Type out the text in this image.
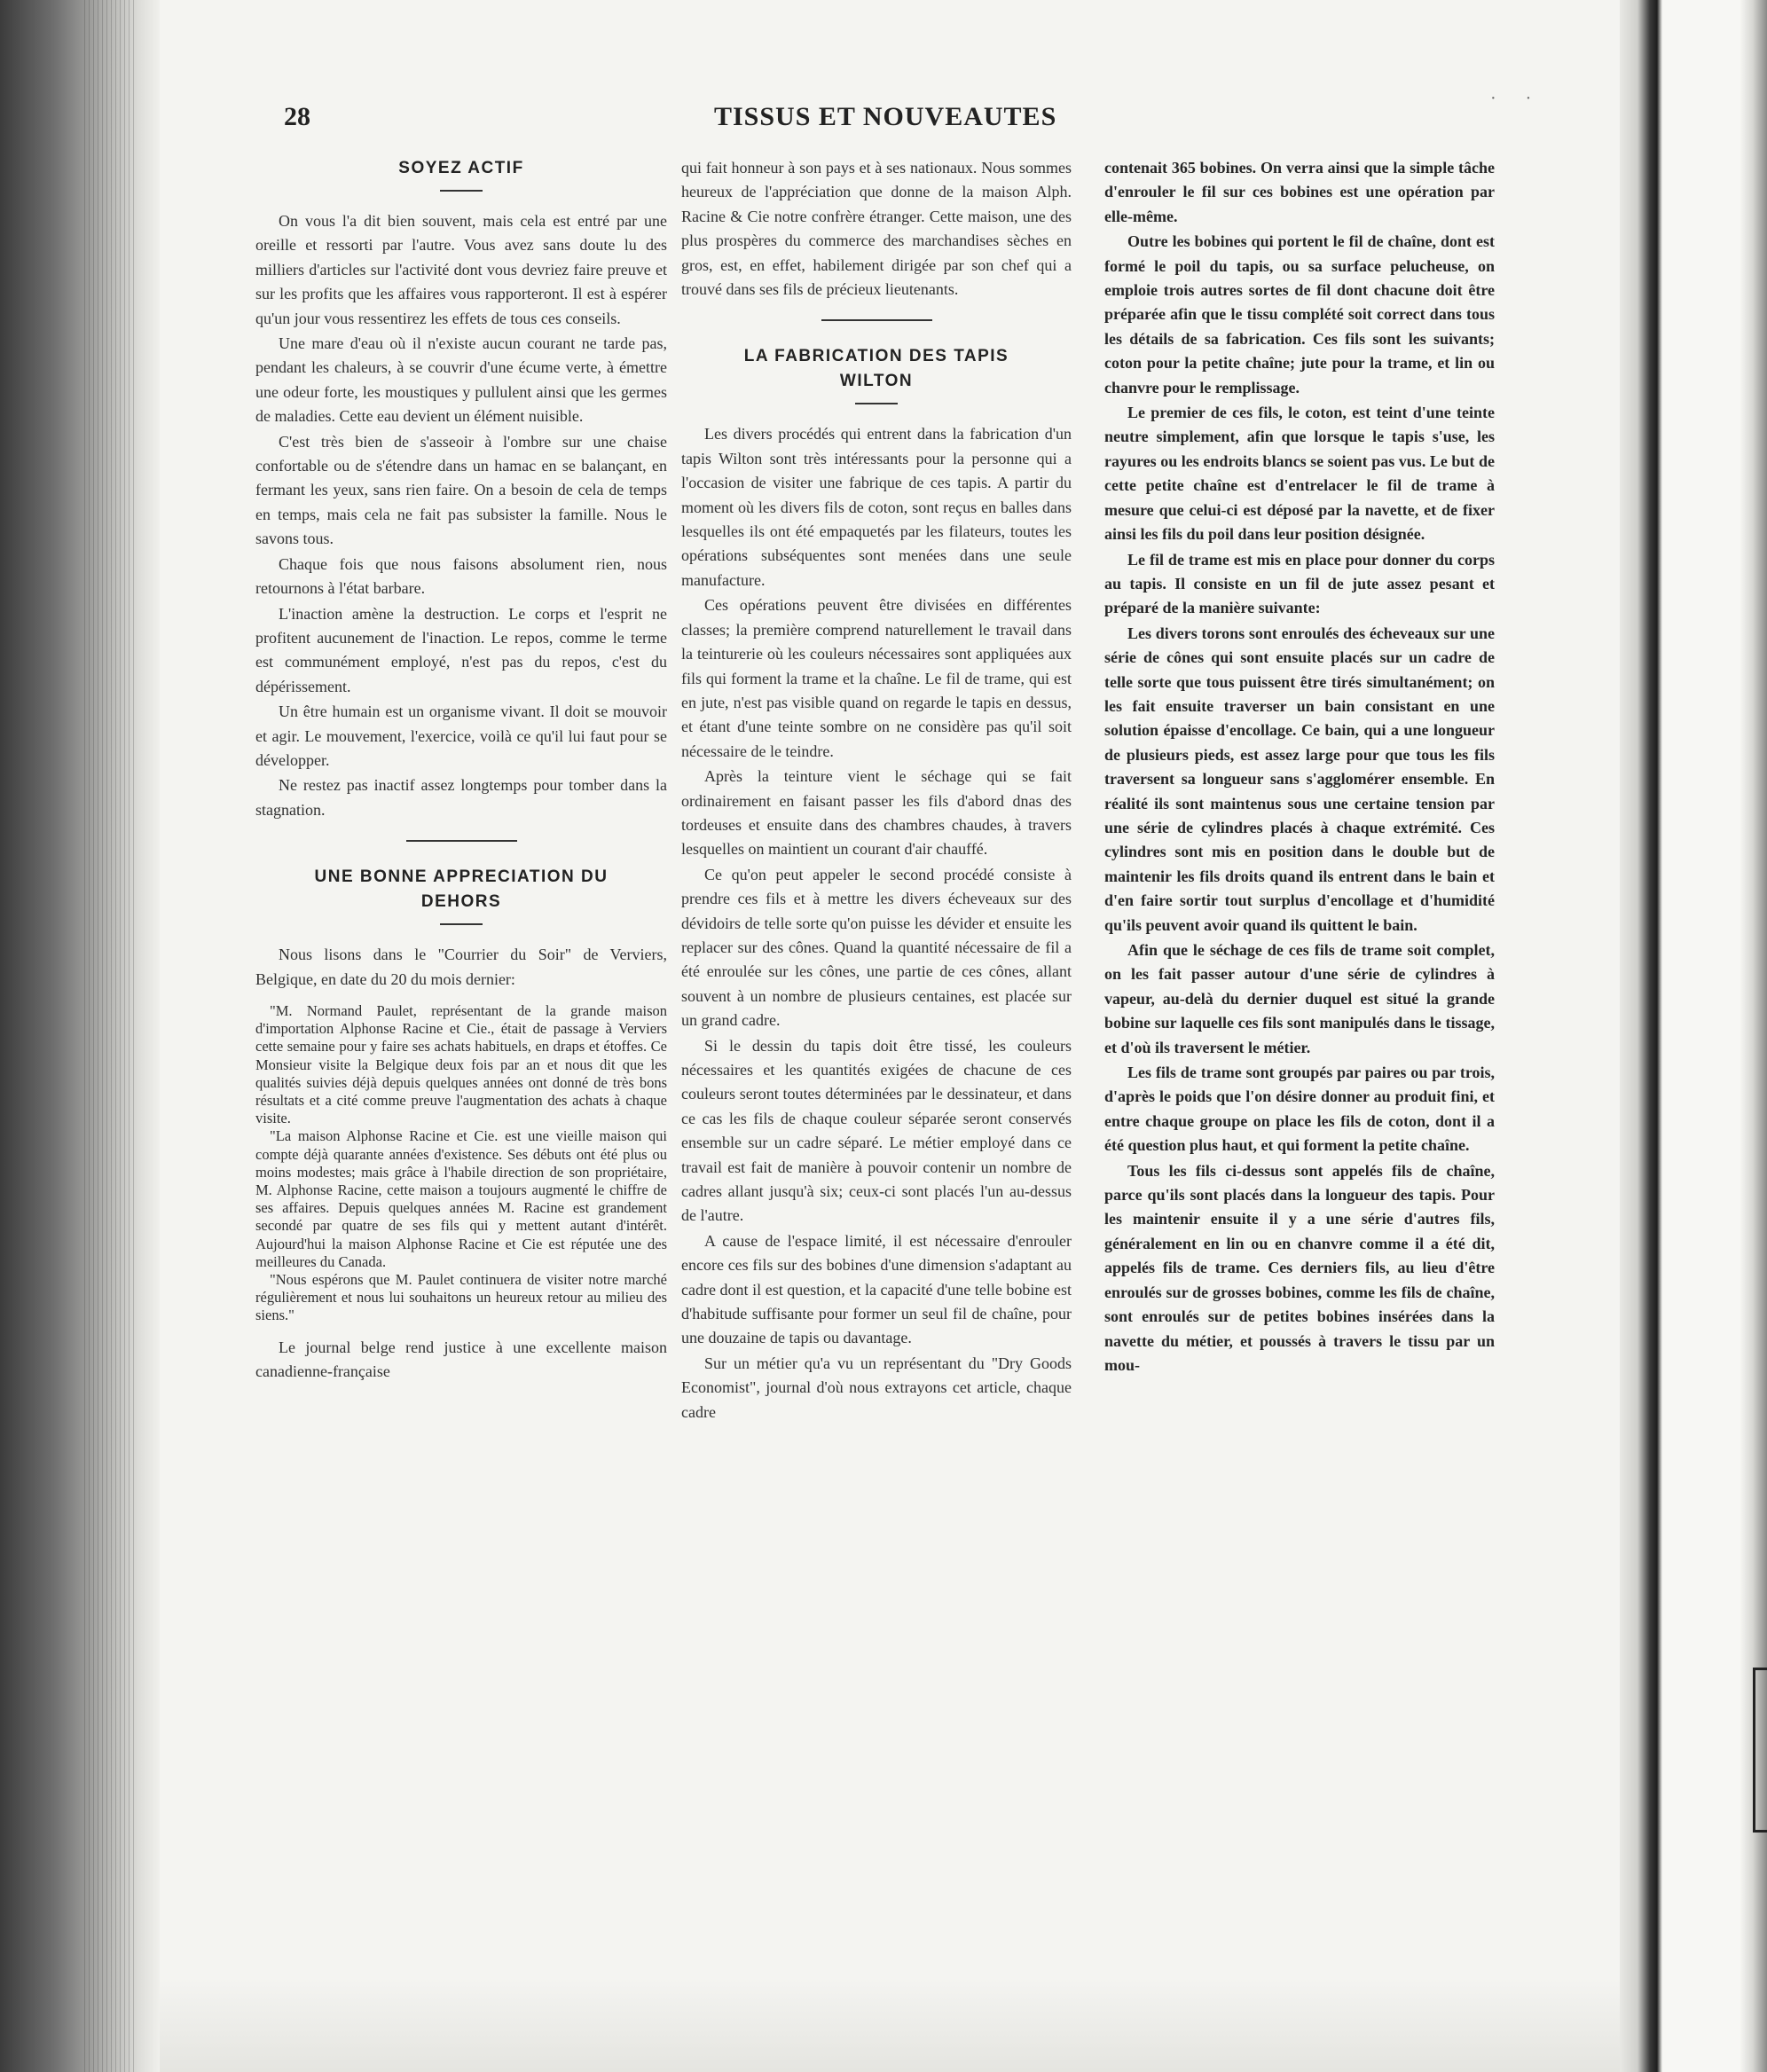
28	TISSUS ET NOUVEAUTES
· ·
SOYEZ ACTIF

On vous l'a dit bien souvent, mais cela est entré par une oreille et ressorti par l'autre. Vous avez sans doute lu des milliers d'articles sur l'activité dont vous devriez faire preuve et sur les profits que les affaires vous rapporteront. Il est à espérer qu'un jour vous ressentirez les effets de tous ces conseils.

Une mare d'eau où il n'existe aucun courant ne tarde pas, pendant les chaleurs, à se couvrir d'une écume verte, à émettre une odeur forte, les moustiques y pullulent ainsi que les germes de maladies. Cette eau devient un élément nuisible.

C'est très bien de s'asseoir à l'ombre sur une chaise confortable ou de s'étendre dans un hamac en se balançant, en fermant les yeux, sans rien faire. On a besoin de cela de temps en temps, mais cela ne fait pas subsister la famille. Nous le savons tous.

Chaque fois que nous faisons absolument rien, nous retournons à l'état barbare.

L'inaction amène la destruction. Le corps et l'esprit ne profitent aucunement de l'inaction. Le repos, comme le terme est communément employé, n'est pas du repos, c'est du dépérissement.

Un être humain est un organisme vivant. Il doit se mouvoir et agir. Le mouvement, l'exercice, voilà ce qu'il lui faut pour se développer.

Ne restez pas inactif assez longtemps pour tomber dans la stagnation.

UNE BONNE APPRECIATION DU
DEHORS

Nous lisons dans le "Courrier du Soir" de Verviers, Belgique, en date du 20 du mois dernier:

"M. Normand Paulet, représentant de la grande maison d'importation Alphonse Racine et Cie., était de passage à Verviers cette semaine pour y faire ses achats habituels, en draps et étoffes. Ce Monsieur visite la Belgique deux fois par an et nous dit que les qualités suivies déjà depuis quelques années ont donné de très bons résultats et a cité comme preuve l'augmentation des achats à chaque visite.

"La maison Alphonse Racine et Cie. est une vieille maison qui compte déjà quarante années d'existence. Ses débuts ont été plus ou moins modestes; mais grâce à l'habile direction de son propriétaire, M. Alphonse Racine, cette maison a toujours augmenté le chiffre de ses affaires. Depuis quelques années M. Racine est grandement secondé par quatre de ses fils qui y mettent autant d'intérêt. Aujourd'hui la maison Alphonse Racine et Cie est réputée une des meilleures du Canada.

"Nous espérons que M. Paulet continuera de visiter notre marché régulièrement et nous lui souhaitons un heureux retour au milieu des siens."

Le journal belge rend justice à une excellente maison canadienne-française

qui fait honneur à son pays et à ses nationaux. Nous sommes heureux de l'appréciation que donne de la maison Alph. Racine & Cie notre confrère étranger. Cette maison, une des plus prospères du commerce des marchandises sèches en gros, est, en effet, habilement dirigée par son chef qui a trouvé dans ses fils de précieux lieutenants.

LA FABRICATION DES TAPIS
WILTON

Les divers procédés qui entrent dans la fabrication d'un tapis Wilton sont très intéressants pour la personne qui a l'occasion de visiter une fabrique de ces tapis. A partir du moment où les divers fils de coton, sont reçus en balles dans lesquelles ils ont été empaquetés par les filateurs, toutes les opérations subséquentes sont menées dans une seule manufacture.

Ces opérations peuvent être divisées en différentes classes; la première comprend naturellement le travail dans la teinturerie où les couleurs nécessaires sont appliquées aux fils qui forment la trame et la chaîne. Le fil de trame, qui est en jute, n'est pas visible quand on regarde le tapis en dessus, et étant d'une teinte sombre on ne considère pas qu'il soit nécessaire de le teindre.

Après la teinture vient le séchage qui se fait ordinairement en faisant passer les fils d'abord dnas des tordeuses et ensuite dans des chambres chaudes, à travers lesquelles on maintient un courant d'air chauffé.

Ce qu'on peut appeler le second procédé consiste à prendre ces fils et à mettre les divers écheveaux sur des dévidoirs de telle sorte qu'on puisse les dévider et ensuite les replacer sur des cônes. Quand la quantité nécessaire de fil a été enroulée sur les cônes, une partie de ces cônes, allant souvent à un nombre de plusieurs centaines, est placée sur un grand cadre.

Si le dessin du tapis doit être tissé, les couleurs nécessaires et les quantités exigées de chacune de ces couleurs seront toutes déterminées par le dessinateur, et dans ce cas les fils de chaque couleur séparée seront conservés ensemble sur un cadre séparé. Le métier employé dans ce travail est fait de manière à pouvoir contenir un nombre de cadres allant jusqu'à six; ceux-ci sont placés l'un au-dessus de l'autre.

A cause de l'espace limité, il est nécessaire d'enrouler encore ces fils sur des bobines d'une dimension s'adaptant au cadre dont il est question, et la capacité d'une telle bobine est d'habitude suffisante pour former un seul fil de chaîne, pour une douzaine de tapis ou davantage.

Sur un métier qu'a vu un représentant du "Dry Goods Economist", journal d'où nous extrayons cet article, chaque cadre

contenait 365 bobines. On verra ainsi que la simple tâche d'enrouler le fil sur ces bobines est une opération par elle-même.

Outre les bobines qui portent le fil de chaîne, dont est formé le poil du tapis, ou sa surface pelucheuse, on emploie trois autres sortes de fil dont chacune doit être préparée afin que le tissu complété soit correct dans tous les détails de sa fabrication. Ces fils sont les suivants; coton pour la petite chaîne; jute pour la trame, et lin ou chanvre pour le remplissage.

Le premier de ces fils, le coton, est teint d'une teinte neutre simplement, afin que lorsque le tapis s'use, les rayures ou les endroits blancs se soient pas vus. Le but de cette petite chaîne est d'entrelacer le fil de trame à mesure que celui-ci est déposé par la navette, et de fixer ainsi les fils du poil dans leur position désignée.

Le fil de trame est mis en place pour donner du corps au tapis. Il consiste en un fil de jute assez pesant et préparé de la manière suivante:

Les divers torons sont enroulés des écheveaux sur une série de cônes qui sont ensuite placés sur un cadre de telle sorte que tous puissent être tirés simultanément; on les fait ensuite traverser un bain consistant en une solution épaisse d'encollage. Ce bain, qui a une longueur de plusieurs pieds, est assez large pour que tous les fils traversent sa longueur sans s'agglomérer ensemble. En réalité ils sont maintenus sous une certaine tension par une série de cylindres placés à chaque extrémité. Ces cylindres sont mis en position dans le double but de maintenir les fils droits quand ils entrent dans le bain et d'en faire sortir tout surplus d'encollage et d'humidité qu'ils peuvent avoir quand ils quittent le bain.

Afin que le séchage de ces fils de trame soit complet, on les fait passer autour d'une série de cylindres à vapeur, au-delà du dernier duquel est situé la grande bobine sur laquelle ces fils sont manipulés dans le tissage, et d'où ils traversent le métier.

Les fils de trame sont groupés par paires ou par trois, d'après le poids que l'on désire donner au produit fini, et entre chaque groupe on place les fils de coton, dont il a été question plus haut, et qui forment la petite chaîne.

Tous les fils ci-dessus sont appelés fils de chaîne, parce qu'ils sont placés dans la longueur des tapis. Pour les maintenir ensuite il y a une série d'autres fils, généralement en lin ou en chanvre comme il a été dit, appelés fils de trame. Ces derniers fils, au lieu d'être enroulés sur de grosses bobines, comme les fils de chaîne, sont enroulés sur de petites bobines insérées dans la navette du métier, et poussés à travers le tissu par un mou-
